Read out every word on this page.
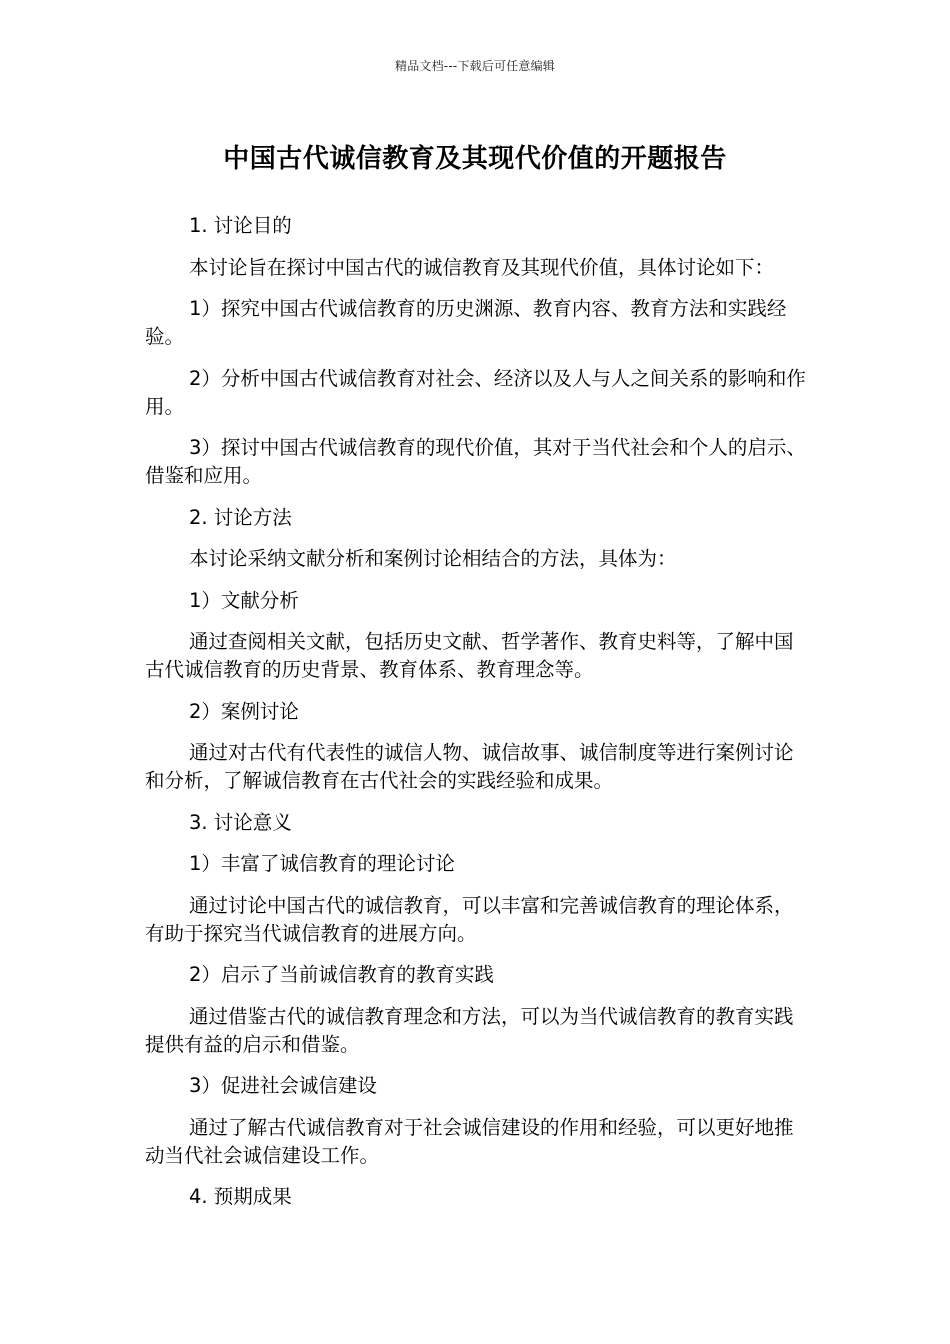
精品文档---下载后可任意编辑
中国古代诚信教育及其现代价值的开题报告

1. 讨论目的

本讨论旨在探讨中国古代的诚信教育及其现代价值，具体讨论如下：

1）探究中国古代诚信教育的历史渊源、教育内容、教育方法和实践经验。

2）分析中国古代诚信教育对社会、经济以及人与人之间关系的影响和作用。

3）探讨中国古代诚信教育的现代价值，其对于当代社会和个人的启示、借鉴和应用。

2. 讨论方法

本讨论采纳文献分析和案例讨论相结合的方法，具体为：

1）文献分析

通过查阅相关文献，包括历史文献、哲学著作、教育史料等，了解中国古代诚信教育的历史背景、教育体系、教育理念等。

2）案例讨论

通过对古代有代表性的诚信人物、诚信故事、诚信制度等进行案例讨论和分析，了解诚信教育在古代社会的实践经验和成果。

3. 讨论意义

1）丰富了诚信教育的理论讨论

通过讨论中国古代的诚信教育，可以丰富和完善诚信教育的理论体系，有助于探究当代诚信教育的进展方向。

2）启示了当前诚信教育的教育实践

通过借鉴古代的诚信教育理念和方法，可以为当代诚信教育的教育实践提供有益的启示和借鉴。

3）促进社会诚信建设

通过了解古代诚信教育对于社会诚信建设的作用和经验，可以更好地推动当代社会诚信建设工作。

4. 预期成果
